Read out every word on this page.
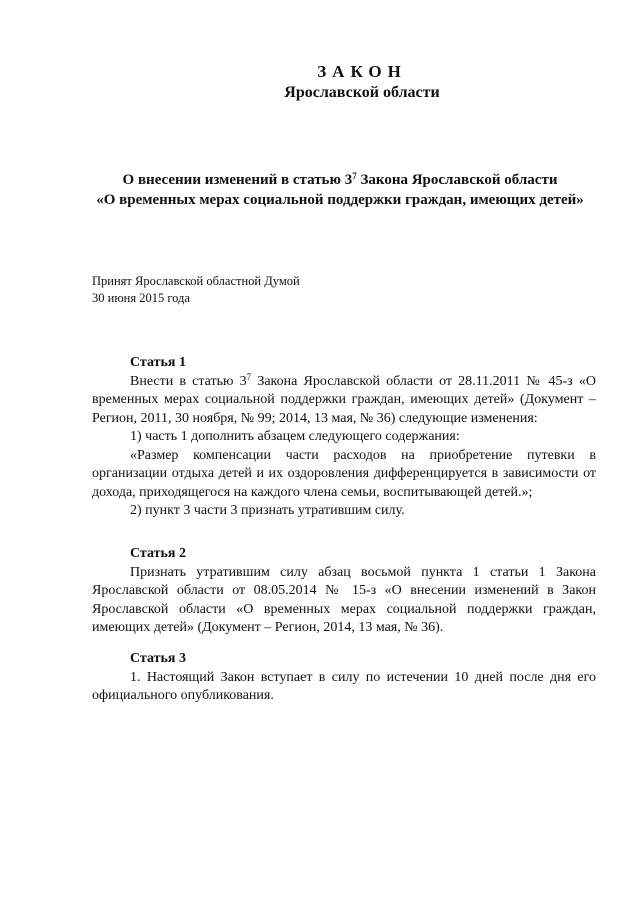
ЗАКОН
Ярославской области
О внесении изменений в статью $3^7$ Закона Ярославской области
«О временных мерах социальной поддержки граждан, имеющих детей»
Принят Ярославской областной Думой
30 июня 2015 года
Статья 1

Внести в статью $3^7$ Закона Ярославской области от 28.11.2011 № 45-з «О временных мерах социальной поддержки граждан, имеющих детей» (Документ – Регион, 2011, 30 ноября, № 99; 2014, 13 мая, № 36) следующие изменения:

1) часть 1 дополнить абзацем следующего содержания:

«Размер компенсации части расходов на приобретение путевки в организации отдыха детей и их оздоровления дифференцируется в зависимости от дохода, приходящегося на каждого члена семьи, воспитывающей детей.»;

2) пункт 3 части 3 признать утратившим силу.

Статья 2

Признать утратившим силу абзац восьмой пункта 1 статьи 1 Закона Ярославской области от 08.05.2014 № 15-з «О внесении изменений в Закон Ярославской области «О временных мерах социальной поддержки граждан, имеющих детей» (Документ – Регион, 2014, 13 мая, № 36).

Статья 3

1. Настоящий Закон вступает в силу по истечении 10 дней после дня его официального опубликования.
